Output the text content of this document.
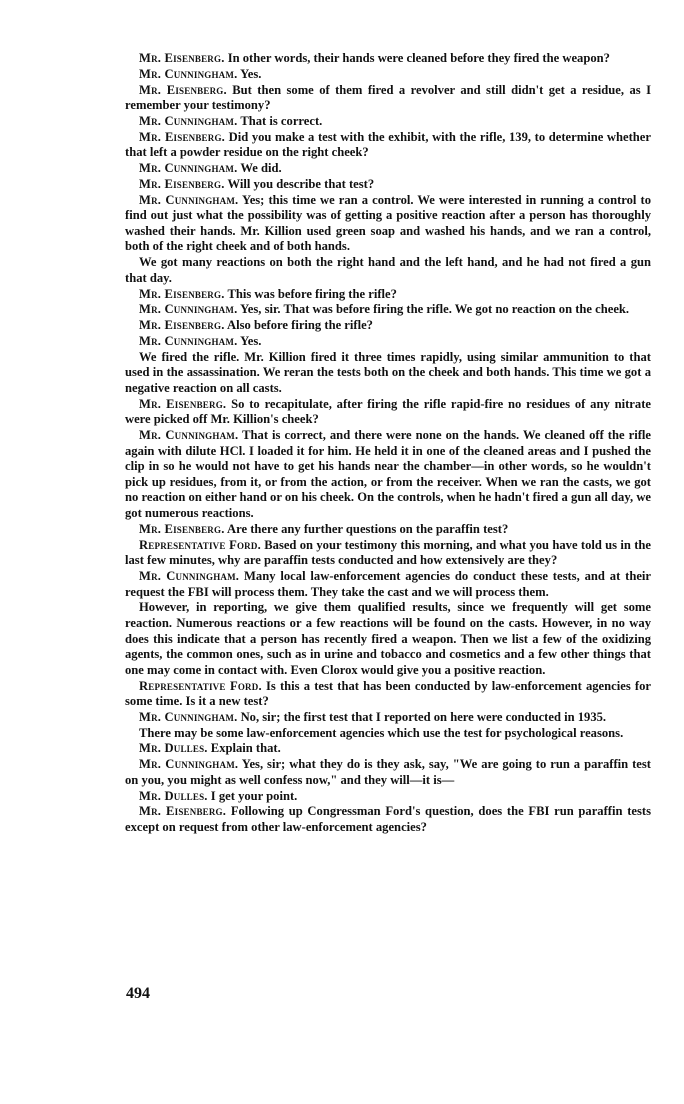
Mr. Eisenberg. In other words, their hands were cleaned before they fired the weapon?

Mr. Cunningham. Yes.

Mr. Eisenberg. But then some of them fired a revolver and still didn't get a residue, as I remember your testimony?

Mr. Cunningham. That is correct.

Mr. Eisenberg. Did you make a test with the exhibit, with the rifle, 139, to determine whether that left a powder residue on the right cheek?

Mr. Cunningham. We did.

Mr. Eisenberg. Will you describe that test?

Mr. Cunningham. Yes; this time we ran a control. We were interested in running a control to find out just what the possibility was of getting a positive reaction after a person has thoroughly washed their hands. Mr. Killion used green soap and washed his hands, and we ran a control, both of the right cheek and of both hands.

We got many reactions on both the right hand and the left hand, and he had not fired a gun that day.

Mr. Eisenberg. This was before firing the rifle?

Mr. Cunningham. Yes, sir. That was before firing the rifle. We got no reaction on the cheek.

Mr. Eisenberg. Also before firing the rifle?

Mr. Cunningham. Yes.

We fired the rifle. Mr. Killion fired it three times rapidly, using similar ammunition to that used in the assassination. We reran the tests both on the cheek and both hands. This time we got a negative reaction on all casts.

Mr. Eisenberg. So to recapitulate, after firing the rifle rapid-fire no residues of any nitrate were picked off Mr. Killion's cheek?

Mr. Cunningham. That is correct, and there were none on the hands. We cleaned off the rifle again with dilute HCl. I loaded it for him. He held it in one of the cleaned areas and I pushed the clip in so he would not have to get his hands near the chamber—in other words, so he wouldn't pick up residues, from it, or from the action, or from the receiver. When we ran the casts, we got no reaction on either hand or on his cheek. On the controls, when he hadn't fired a gun all day, we got numerous reactions.

Mr. Eisenberg. Are there any further questions on the paraffin test?

Representative Ford. Based on your testimony this morning, and what you have told us in the last few minutes, why are paraffin tests conducted and how extensively are they?

Mr. Cunningham. Many local law-enforcement agencies do conduct these tests, and at their request the FBI will process them. They take the cast and we will process them.

However, in reporting, we give them qualified results, since we frequently will get some reaction. Numerous reactions or a few reactions will be found on the casts. However, in no way does this indicate that a person has recently fired a weapon. Then we list a few of the oxidizing agents, the common ones, such as in urine and tobacco and cosmetics and a few other things that one may come in contact with. Even Clorox would give you a positive reaction.

Representative Ford. Is this a test that has been conducted by law-enforcement agencies for some time. Is it a new test?

Mr. Cunningham. No, sir; the first test that I reported on here were conducted in 1935.

There may be some law-enforcement agencies which use the test for psychological reasons.

Mr. Dulles. Explain that.

Mr. Cunningham. Yes, sir; what they do is they ask, say, "We are going to run a paraffin test on you, you might as well confess now," and they will—it is—

Mr. Dulles. I get your point.

Mr. Eisenberg. Following up Congressman Ford's question, does the FBI run paraffin tests except on request from other law-enforcement agencies?

494
